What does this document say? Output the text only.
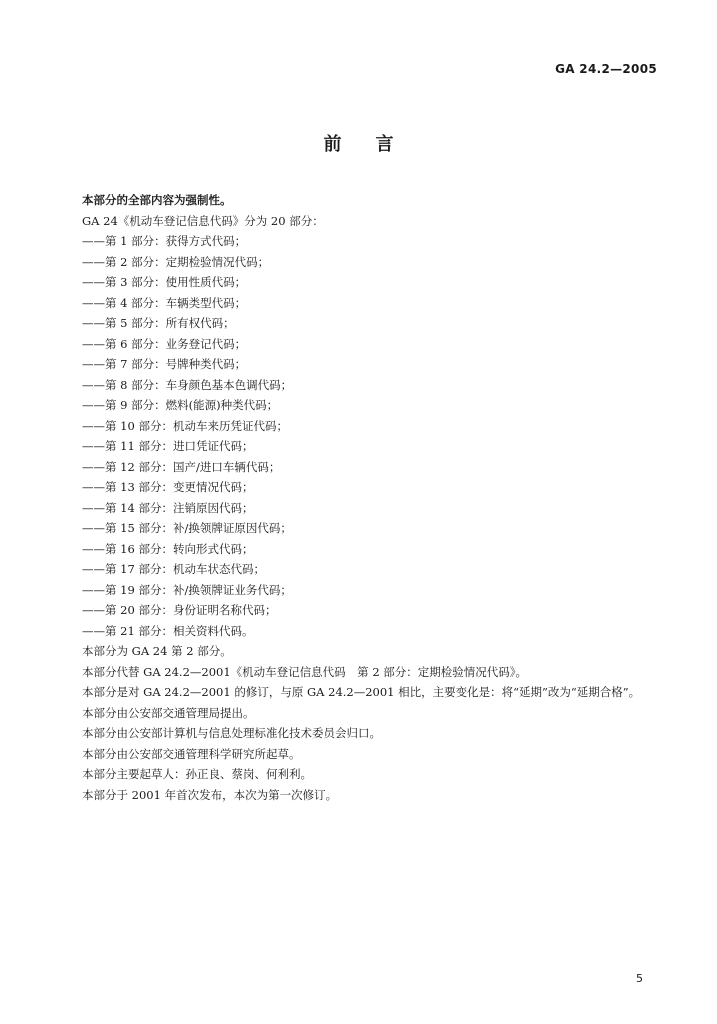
GA 24.2—2005
前言
本部分的全部内容为强制性。
GA 24《机动车登记信息代码》分为 20 部分：
——第 1 部分：获得方式代码；
——第 2 部分：定期检验情况代码；
——第 3 部分：使用性质代码；
——第 4 部分：车辆类型代码；
——第 5 部分：所有权代码；
——第 6 部分：业务登记代码；
——第 7 部分：号牌种类代码；
——第 8 部分：车身颜色基本色调代码；
——第 9 部分：燃料(能源)种类代码；
——第 10 部分：机动车来历凭证代码；
——第 11 部分：进口凭证代码；
——第 12 部分：国产/进口车辆代码；
——第 13 部分：变更情况代码；
——第 14 部分：注销原因代码；
——第 15 部分：补/换领牌证原因代码；
——第 16 部分：转向形式代码；
——第 17 部分：机动车状态代码；
——第 19 部分：补/换领牌证业务代码；
——第 20 部分：身份证明名称代码；
——第 21 部分：相关资料代码。
本部分为 GA 24 第 2 部分。
本部分代替 GA 24.2—2001《机动车登记信息代码　第 2 部分：定期检验情况代码》。
本部分是对 GA 24.2—2001 的修订，与原 GA 24.2—2001 相比，主要变化是：将“延期”改为“延期合格”。
本部分由公安部交通管理局提出。
本部分由公安部计算机与信息处理标准化技术委员会归口。
本部分由公安部交通管理科学研究所起草。
本部分主要起草人：孙正良、蔡岗、何利利。
本部分于 2001 年首次发布，本次为第一次修订。
5
